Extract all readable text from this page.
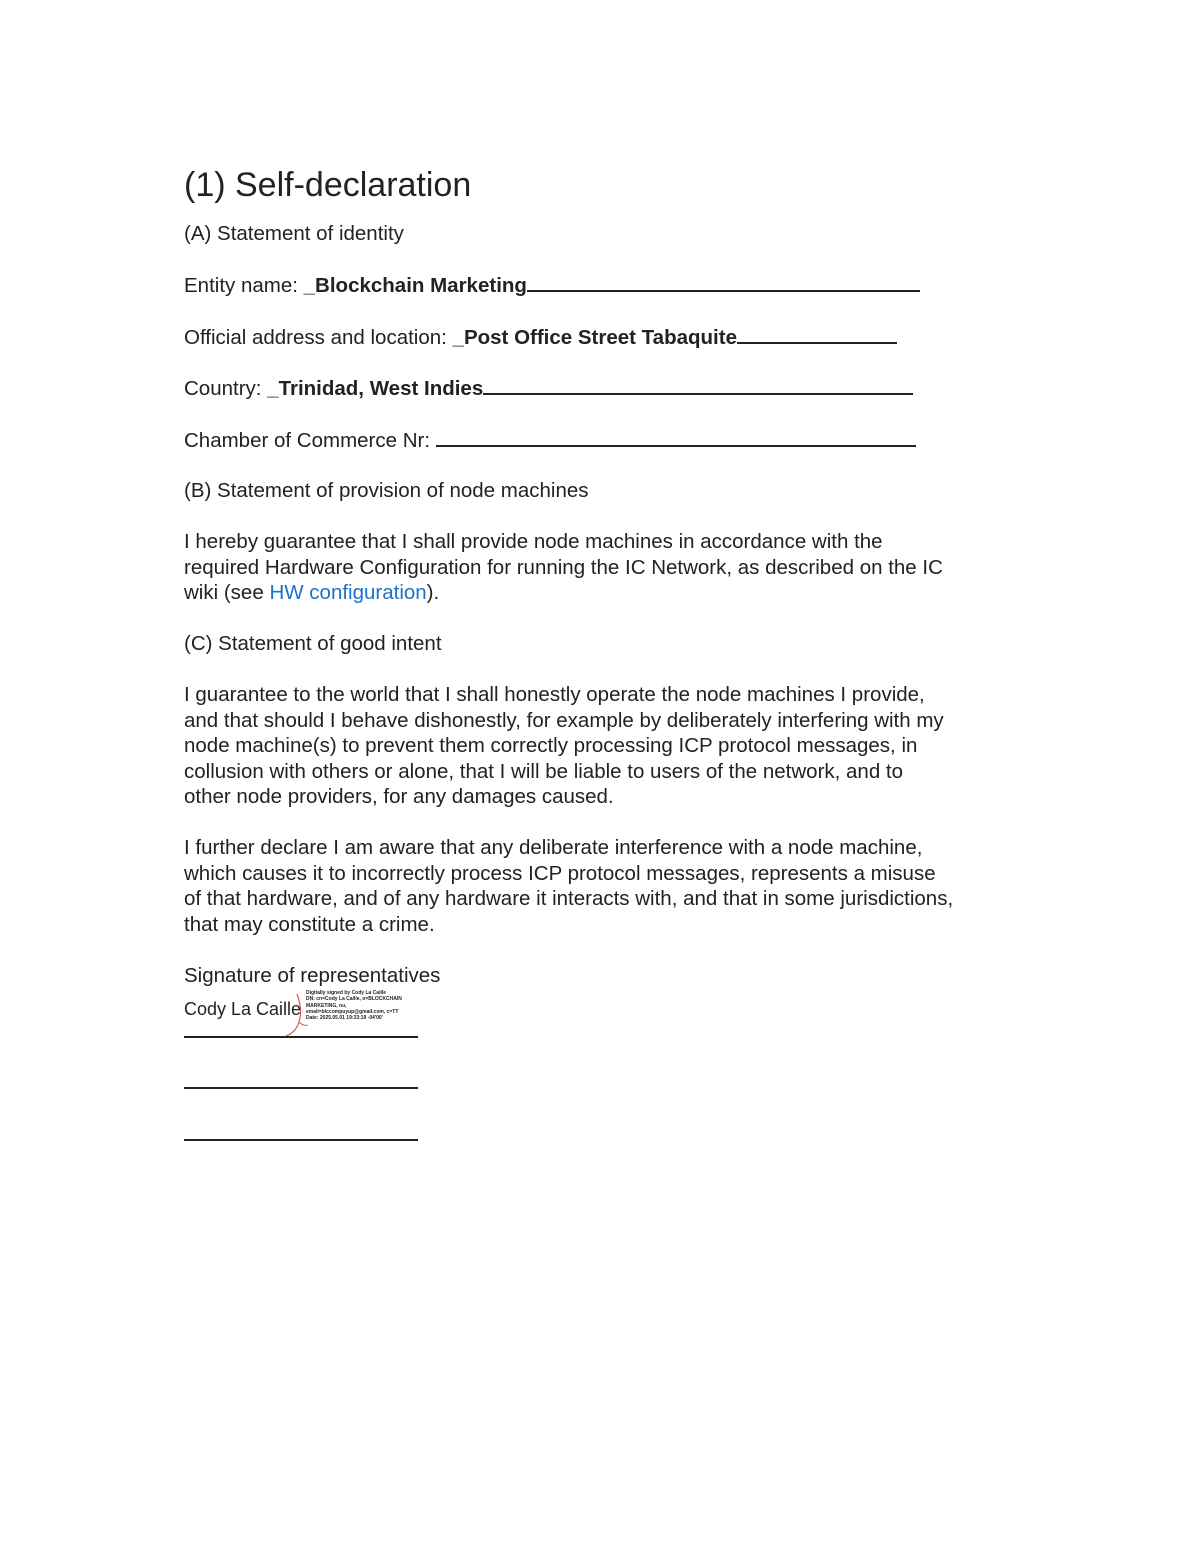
(1) Self-declaration
(A) Statement of identity
Entity name: _Blockchain Marketing
Official address and location: _Post Office Street Tabaquite
Country: _Trinidad, West Indies
Chamber of Commerce Nr:
(B) Statement of provision of node machines
I hereby guarantee that I shall provide node machines in accordance with the
required Hardware Configuration for running the IC Network, as described on the IC
wiki (see HW configuration).
(C) Statement of good intent
I guarantee to the world that I shall honestly operate the node machines I provide,
and that should I behave dishonestly, for example by deliberately interfering with my
node machine(s) to prevent them correctly processing ICP protocol messages, in
collusion with others or alone, that I will be liable to users of the network, and to
other node providers, for any damages caused.
I further declare I am aware that any deliberate interference with a node machine,
which causes it to incorrectly process ICP protocol messages, represents a misuse
of that hardware, and of any hardware it interacts with, and that in some jurisdictions,
that may constitute a crime.
Signature of representatives
Cody La Caille
Digitally signed by Cody La Caille
DN: cn=Cody La Caille, o=BLOCKCHAIN
MARKETING, ou,
email=blccompuyup@gmail.com, c=TT
Date: 2025.05.01 19:33:19 -04'00'
